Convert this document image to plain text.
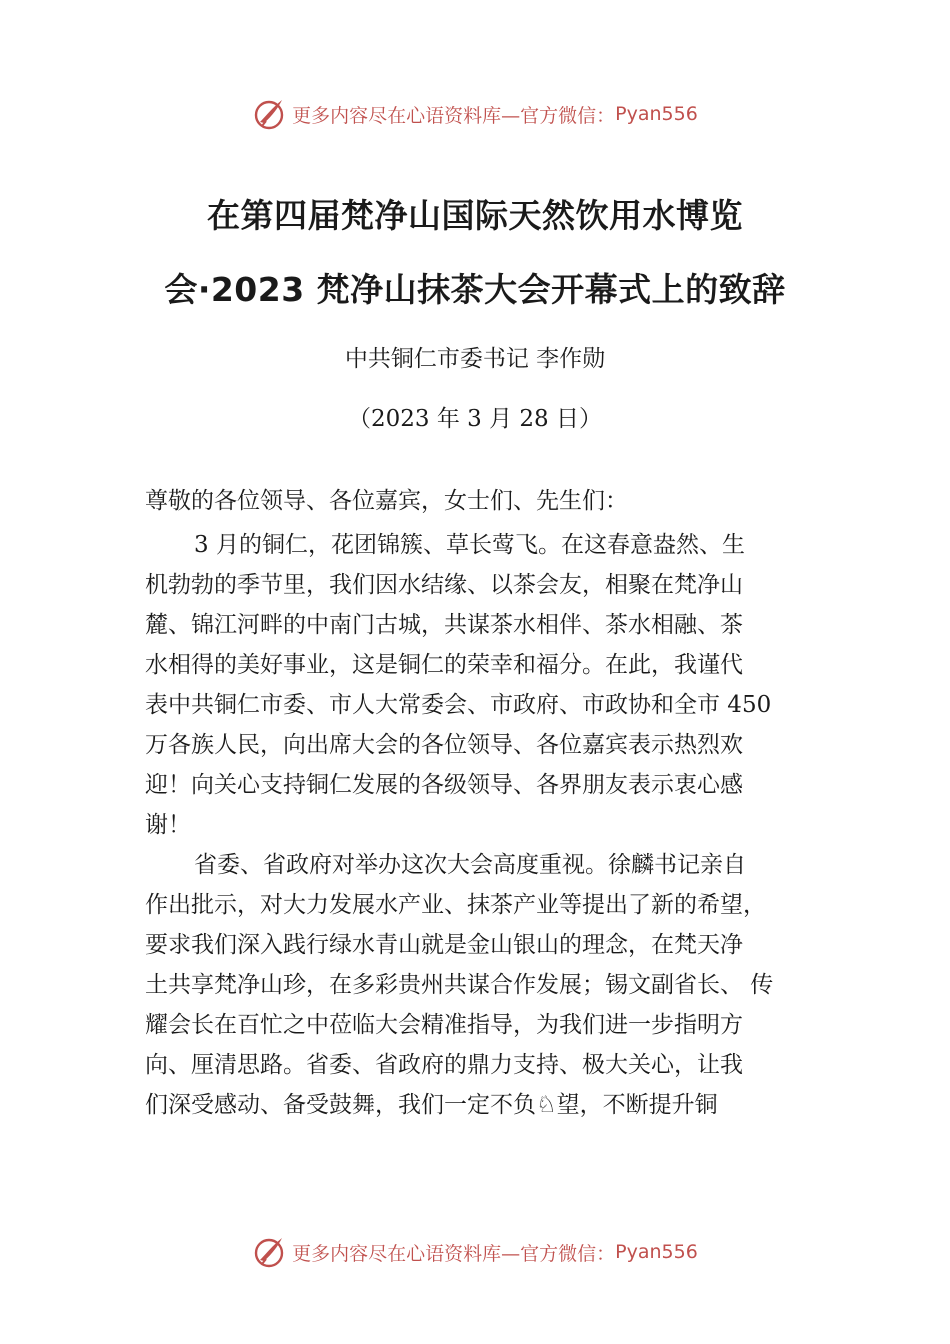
更多内容尽在心语资料库—官方微信： Pyan556
在第四届梵净山国际天然饮用水博览
会·2023 梵净山抹茶大会开幕式上的致辞
中共铜仁市委书记 李作勋
（2023 年 3 月 28 日）
尊敬的各位领导、各位嘉宾，女士们、先生们：
3 月的铜仁，花团锦簇、草长莺飞。在这春意盎然、生
机勃勃的季节里，我们因水结缘、以茶会友，相聚在梵净山
麓、锦江河畔的中南门古城，共谋茶水相伴、茶水相融、茶
水相得的美好事业，这是铜仁的荣幸和福分。在此，我谨代
表中共铜仁市委、市人大常委会、市政府、市政协和全市 450
万各族人民，向出席大会的各位领导、各位嘉宾表示热烈欢
迎！向关心支持铜仁发展的各级领导、各界朋友表示衷心感
谢！
省委、省政府对举办这次大会高度重视。徐麟书记亲自
作出批示，对大力发展水产业、抹茶产业等提出了新的希望，
要求我们深入践行绿水青山就是金山银山的理念，在梵天净
土共享梵净山珍，在多彩贵州共谋合作发展；锡文副省长、 传
耀会长在百忙之中莅临大会精准指导，为我们进一步指明方
向、厘清思路。省委、省政府的鼎力支持、极大关心，让我
们深受感动、备受鼓舞，我们一定不负♘望，不断提升铜
更多内容尽在心语资料库—官方微信： Pyan556
